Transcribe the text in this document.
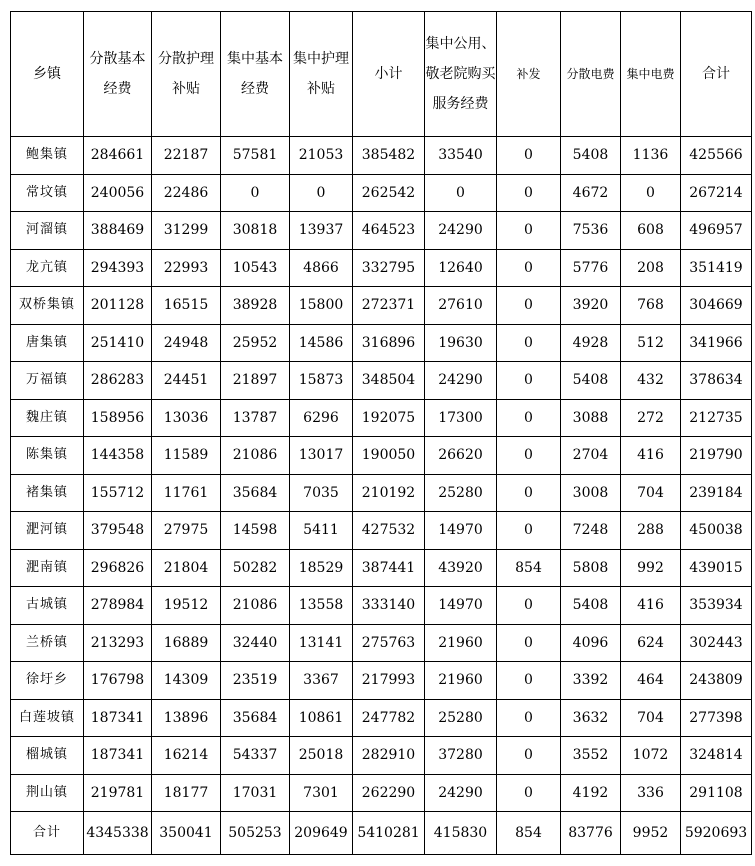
乡镇	分散基本经费	分散护理补贴	集中基本经费	集中护理补贴	小计	集中公用、敬老院购买服务经费	补发	分散电费	集中电费	合计
鲍集镇	284661	22187	57581	21053	385482	33540	0	5408	1136	425566
常坟镇	240056	22486	0	0	262542	0	0	4672	0	267214
河溜镇	388469	31299	30818	13937	464523	24290	0	7536	608	496957
龙亢镇	294393	22993	10543	4866	332795	12640	0	5776	208	351419
双桥集镇	201128	16515	38928	15800	272371	27610	0	3920	768	304669
唐集镇	251410	24948	25952	14586	316896	19630	0	4928	512	341966
万福镇	286283	24451	21897	15873	348504	24290	0	5408	432	378634
魏庄镇	158956	13036	13787	6296	192075	17300	0	3088	272	212735
陈集镇	144358	11589	21086	13017	190050	26620	0	2704	416	219790
褚集镇	155712	11761	35684	7035	210192	25280	0	3008	704	239184
淝河镇	379548	27975	14598	5411	427532	14970	0	7248	288	450038
淝南镇	296826	21804	50282	18529	387441	43920	854	5808	992	439015
古城镇	278984	19512	21086	13558	333140	14970	0	5408	416	353934
兰桥镇	213293	16889	32440	13141	275763	21960	0	4096	624	302443
徐圩乡	176798	14309	23519	3367	217993	21960	0	3392	464	243809
白莲坡镇	187341	13896	35684	10861	247782	25280	0	3632	704	277398
榴城镇	187341	16214	54337	25018	282910	37280	0	3552	1072	324814
荆山镇	219781	18177	17031	7301	262290	24290	0	4192	336	291108
合计	4345338	350041	505253	209649	5410281	415830	854	83776	9952	5920693
